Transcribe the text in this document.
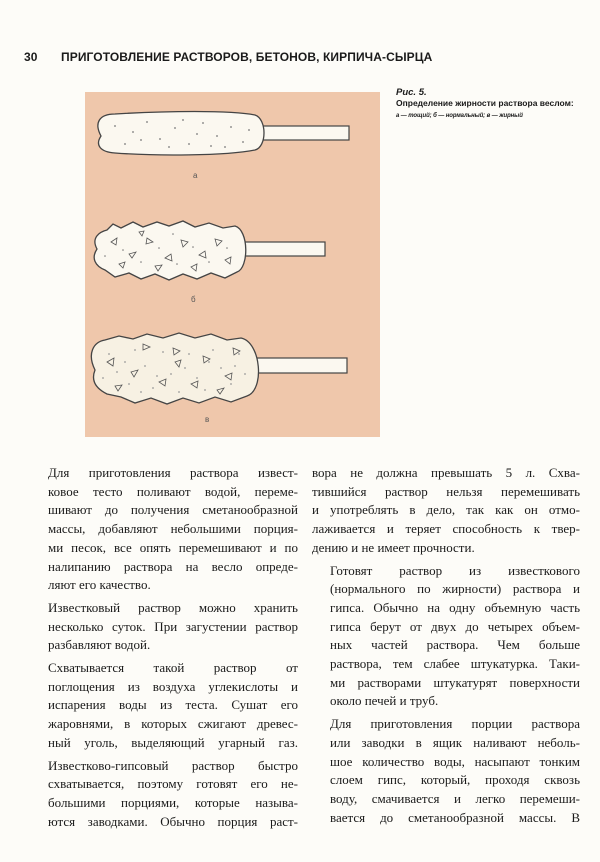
30 ПРИГОТОВЛЕНИЕ РАСТВОРОВ, БЕТОНОВ, КИРПИЧА-СЫРЦА
а
б
в
Рис. 5.
Определение жирности раствора веслом:
а — тощий; б — нормальный; в — жирный

Для приготовления раствора извест-
ковое тесто поливают водой, переме-
шивают до получения сметанообразной
массы, добавляют небольшими порция-
ми песок, все опять перемешивают и по
налипанию раствора на весло опреде-
ляют его качество.

Известковый раствор можно хранить
несколько суток. При загустении раствор
разбавляют водой.

Схватывается такой раствор от
поглощения из воздуха углекислоты и
испарения воды из теста. Сушат его
жаровнями, в которых сжигают древес-
ный уголь, выделяющий угарный газ.

Известково-гипсовый раствор быстро
схватывается, поэтому готовят его не-
большими порциями, которые называ-
ются заводками. Обычно порция раст-

вора не должна превышать 5 л. Схва-
тившийся раствор нельзя перемешивать
и употреблять в дело, так как он отмо-
лаживается и теряет способность к твер-
дению и не имеет прочности.

Готовят раствор из известкового
(нормального по жирности) раствора и
гипса. Обычно на одну объемную часть
гипса берут от двух до четырех объем-
ных частей раствора. Чем больше
раствора, тем слабее штукатурка. Таки-
ми растворами штукатурят поверхности
около печей и труб.

Для приготовления порции раствора
или заводки в ящик наливают неболь-
шое количество воды, насыпают тонким
слоем гипс, который, проходя сквозь
воду, смачивается и легко перемеши-
вается до сметанообразной массы. В
